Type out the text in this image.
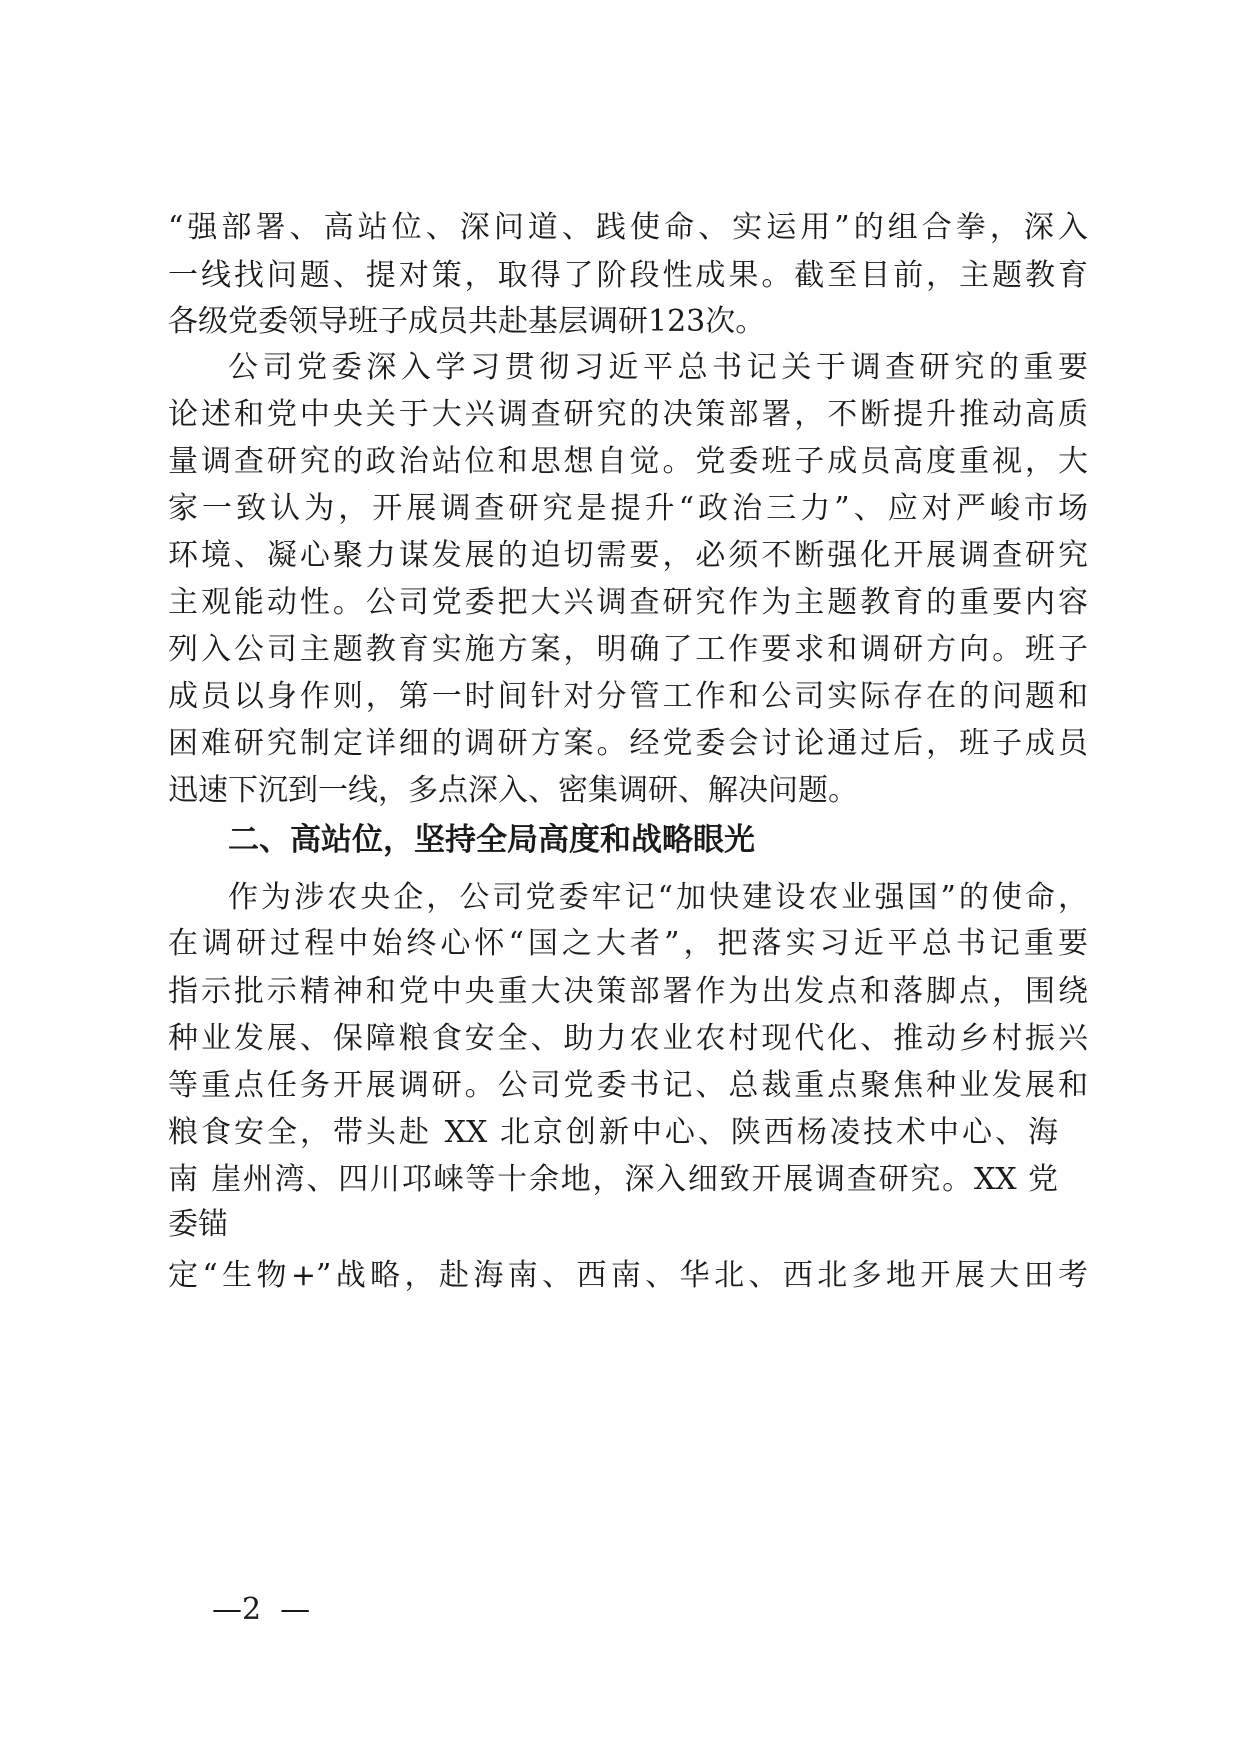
“强部署、高站位、深问道、践使命、实运用”的组合拳，深入
一线找问题、提对策，取得了阶段性成果。截至目前，主题教育
各级党委领导班子成员共赴基层调研123次。
公司党委深入学习贯彻习近平总书记关于调查研究的重要
论述和党中央关于大兴调查研究的决策部署，不断提升推动高质
量调查研究的政治站位和思想自觉。党委班子成员高度重视，大
家一致认为，开展调查研究是提升“政治三力”、应对严峻市场
环境、凝心聚力谋发展的迫切需要，必须不断强化开展调查研究
主观能动性。公司党委把大兴调查研究作为主题教育的重要内容
列入公司主题教育实施方案，明确了工作要求和调研方向。班子
成员以身作则，第一时间针对分管工作和公司实际存在的问题和
困难研究制定详细的调研方案。经党委会讨论通过后，班子成员
迅速下沉到一线，多点深入、密集调研、解决问题。
二、高站位，坚持全局高度和战略眼光
作为涉农央企，公司党委牢记“加快建设农业强国”的使命，
在调研过程中始终心怀“国之大者”，把落实习近平总书记重要
指示批示精神和党中央重大决策部署作为出发点和落脚点，围绕
种业发展、保障粮食安全、助力农业农村现代化、推动乡村振兴
等重点任务开展调研。公司党委书记、总裁重点聚焦种业发展和
粮食安全，带头赴 XX 北京创新中心、陕西杨凌技术中心、海
南 崖州湾、四川邛崃等十余地，深入细致开展调查研究。XX 党
委锚
定“生物+”战略，赴海南、西南、华北、西北多地开展大田考
—2  —
